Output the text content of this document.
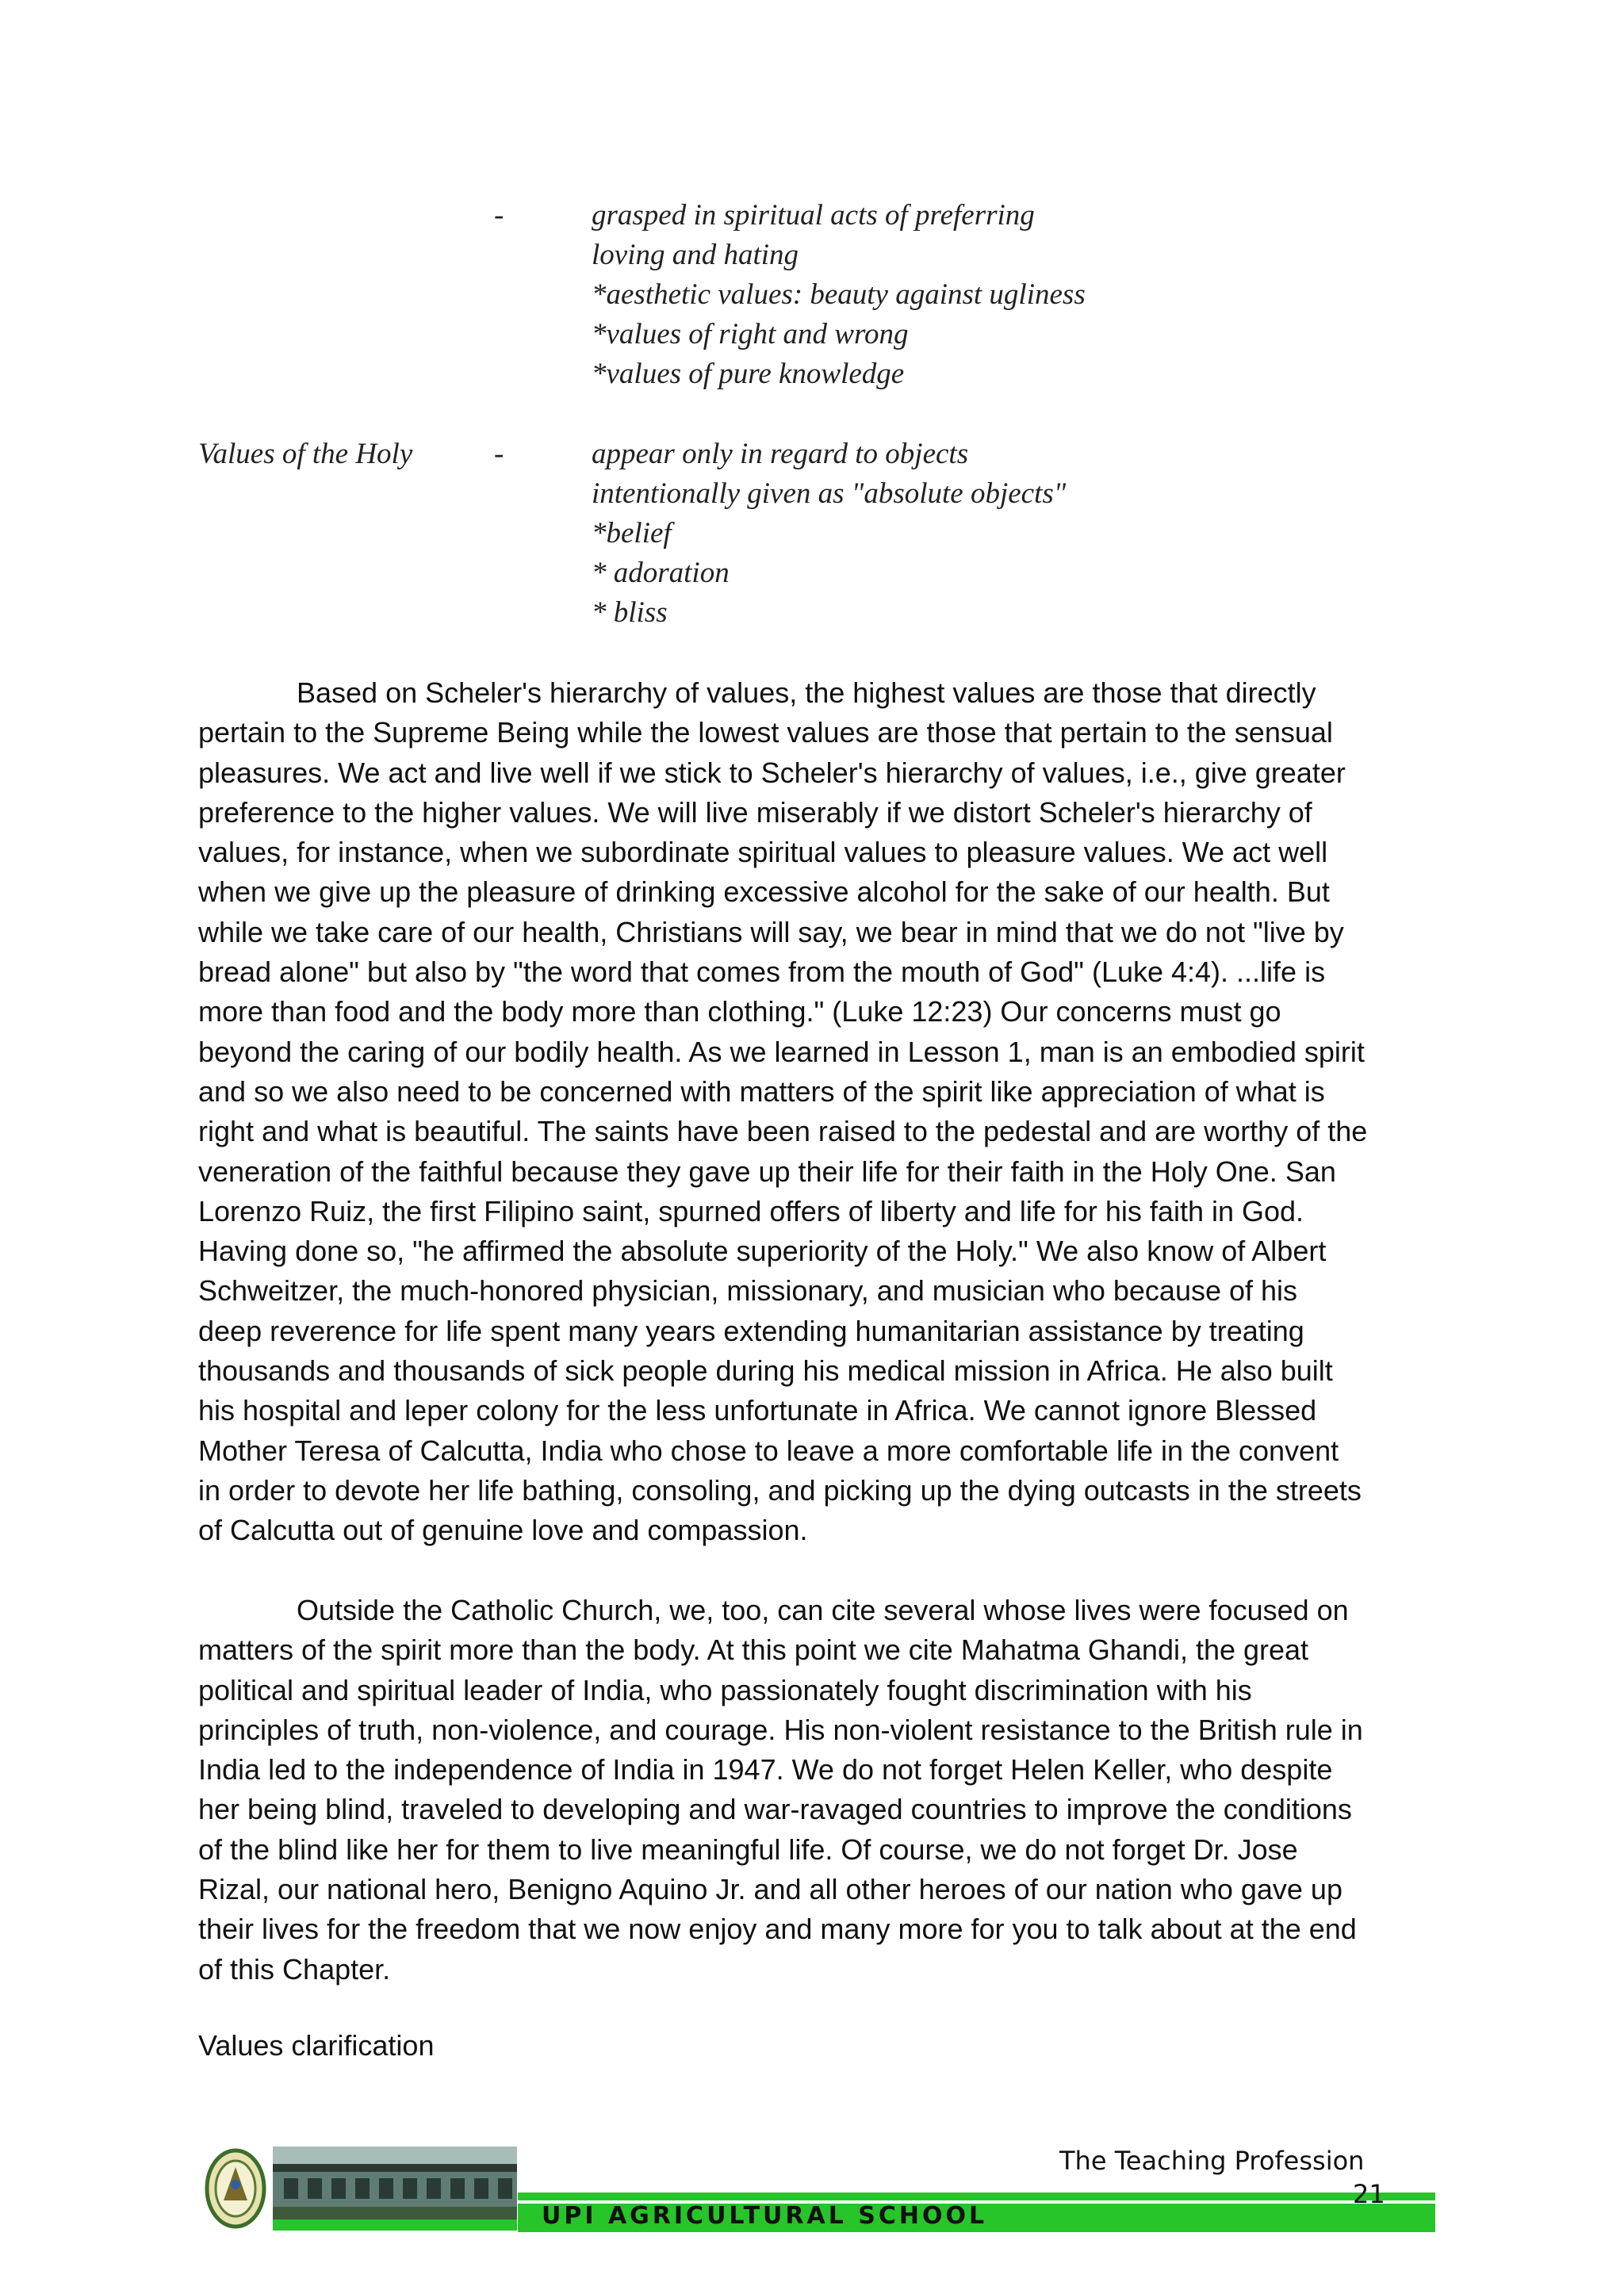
-	grasped in spiritual acts of preferring
loving and hating
*aesthetic values: beauty against ugliness
*values of right and wrong
*values of pure knowledge
Values of the Holy	-	appear only in regard to objects
intentionally given as "absolute objects"
*belief
* adoration
* bliss
Based on Scheler's hierarchy of values, the highest values are those that directly
pertain to the Supreme Being while the lowest values are those that pertain to the sensual
pleasures. We act and live well if we stick to Scheler's hierarchy of values, i.e., give greater
preference to the higher values. We will live miserably if we distort Scheler's hierarchy of
values, for instance, when we subordinate spiritual values to pleasure values. We act well
when we give up the pleasure of drinking excessive alcohol for the sake of our health. But
while we take care of our health, Christians will say, we bear in mind that we do not "live by
bread alone" but also by "the word that comes from the mouth of God" (Luke 4:4). ...life is
more than food and the body more than clothing." (Luke 12:23) Our concerns must go
beyond the caring of our bodily health. As we learned in Lesson 1, man is an embodied spirit
and so we also need to be concerned with matters of the spirit like appreciation of what is
right and what is beautiful. The saints have been raised to the pedestal and are worthy of the
veneration of the faithful because they gave up their life for their faith in the Holy One. San
Lorenzo Ruiz, the first Filipino saint, spurned offers of liberty and life for his faith in God.
Having done so, "he affirmed the absolute superiority of the Holy." We also know of Albert
Schweitzer, the much-honored physician, missionary, and musician who because of his
deep reverence for life spent many years extending humanitarian assistance by treating
thousands and thousands of sick people during his medical mission in Africa. He also built
his hospital and leper colony for the less unfortunate in Africa. We cannot ignore Blessed
Mother Teresa of Calcutta, India who chose to leave a more comfortable life in the convent
in order to devote her life bathing, consoling, and picking up the dying outcasts in the streets
of Calcutta out of genuine love and compassion.
Outside the Catholic Church, we, too, can cite several whose lives were focused on
matters of the spirit more than the body. At this point we cite Mahatma Ghandi, the great
political and spiritual leader of India, who passionately fought discrimination with his
principles of truth, non-violence, and courage. His non-violent resistance to the British rule in
India led to the independence of India in 1947. We do not forget Helen Keller, who despite
her being blind, traveled to developing and war-ravaged countries to improve the conditions
of the blind like her for them to live meaningful life. Of course, we do not forget Dr. Jose
Rizal, our national hero, Benigno Aquino Jr. and all other heroes of our nation who gave up
their lives for the freedom that we now enjoy and many more for you to talk about at the end
of this Chapter.
Values clarification
UPI AGRICULTURAL SCHOOL
The Teaching Profession
21
